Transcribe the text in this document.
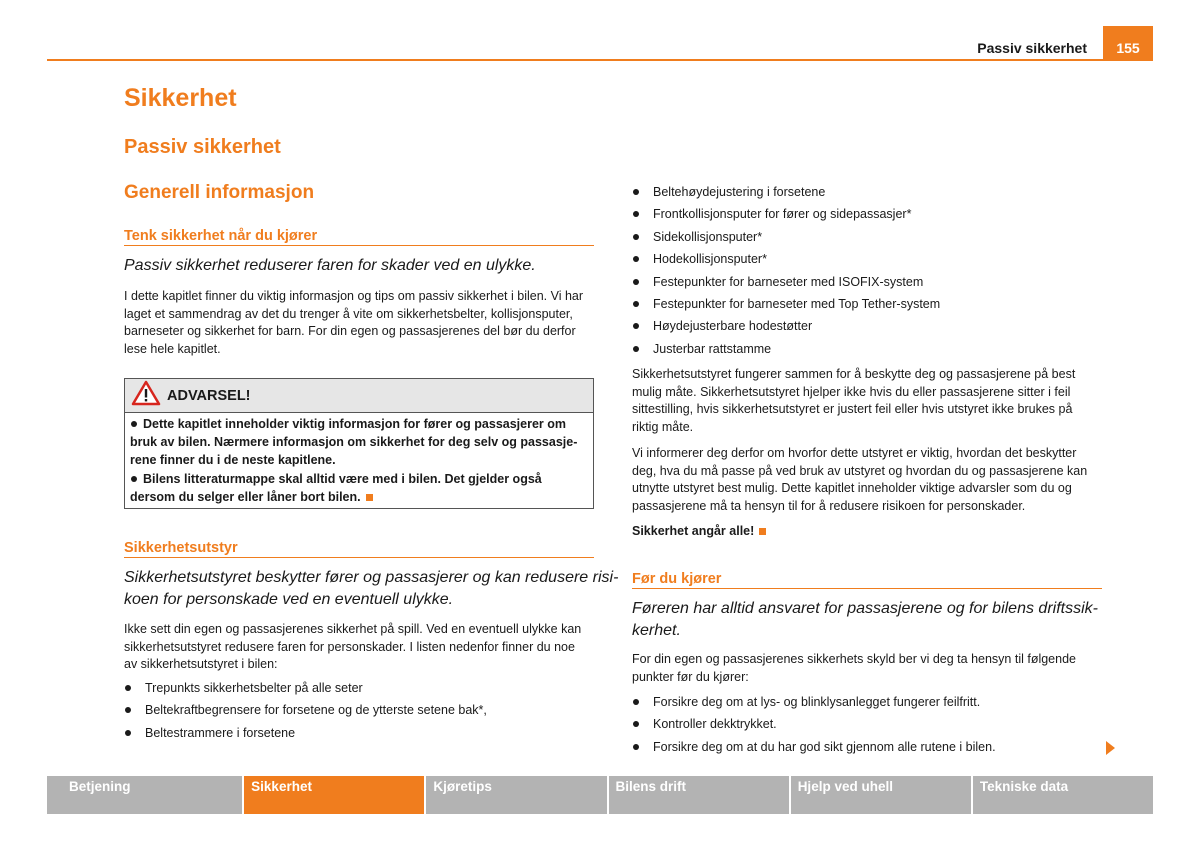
Passiv sikkerhet 155
Sikkerhet
Passiv sikkerhet
Generell informasjon
Tenk sikkerhet når du kjører
Passiv sikkerhet reduserer faren for skader ved en ulykke.
I dette kapitlet finner du viktig informasjon og tips om passiv sikkerhet i bilen. Vi har
laget et sammendrag av det du trenger å vite om sikkerhetsbelter, kollisjonsputer,
barneseter og sikkerhet for barn. For din egen og passasjerenes del bør du derfor
lese hele kapitlet.
ADVARSEL!

Dette kapitlet inneholder viktig informasjon for fører og passasjerer om
bruk av bilen. Nærmere informasjon om sikkerhet for deg selv og passasje-
rene finner du i de neste kapitlene.

Bilens litteraturmappe skal alltid være med i bilen. Det gjelder også
dersom du selger eller låner bort bilen.

Sikkerhetsutstyr
Sikkerhetsutstyret beskytter fører og passasjerer og kan redusere risi-
koen for personskade ved en eventuell ulykke.
Ikke sett din egen og passasjerenes sikkerhet på spill. Ved en eventuell ulykke kan
sikkerhetsutstyret redusere faren for personskader. I listen nedenfor finner du noe
av sikkerhetsutstyret i bilen:
Trepunkts sikkerhetsbelter på alle seter
Beltekraftbegrensere for forsetene og de ytterste setene bak*,
Beltestrammere i forsetene
Beltehøydejustering i forsetene
Frontkollisjonsputer for fører og sidepassasjer*
Sidekollisjonsputer*
Hodekollisjonsputer*
Festepunkter for barneseter med ISOFIX-system
Festepunkter for barneseter med Top Tether-system
Høydejusterbare hodestøtter
Justerbar rattstamme
Sikkerhetsutstyret fungerer sammen for å beskytte deg og passasjerene på best
mulig måte. Sikkerhetsutstyret hjelper ikke hvis du eller passasjerene sitter i feil
sittestilling, hvis sikkerhetsutstyret er justert feil eller hvis utstyret ikke brukes på
riktig måte.
Vi informerer deg derfor om hvorfor dette utstyret er viktig, hvordan det beskytter
deg, hva du må passe på ved bruk av utstyret og hvordan du og passasjerene kan
utnytte utstyret best mulig. Dette kapitlet inneholder viktige advarsler som du og
passasjerene må ta hensyn til for å redusere risikoen for personskader.
Sikkerhet angår alle!
Før du kjører
Føreren har alltid ansvaret for passasjerene og for bilens driftssik-
kerhet.
For din egen og passasjerenes sikkerhets skyld ber vi deg ta hensyn til følgende
punkter før du kjører:
Forsikre deg om at lys- og blinklysanlegget fungerer feilfritt.
Kontroller dekktrykket.
Forsikre deg om at du har god sikt gjennom alle rutene i bilen.
Betjening	Sikkerhet	Kjøretips	Bilens drift	Hjelp ved uhell	Tekniske data
